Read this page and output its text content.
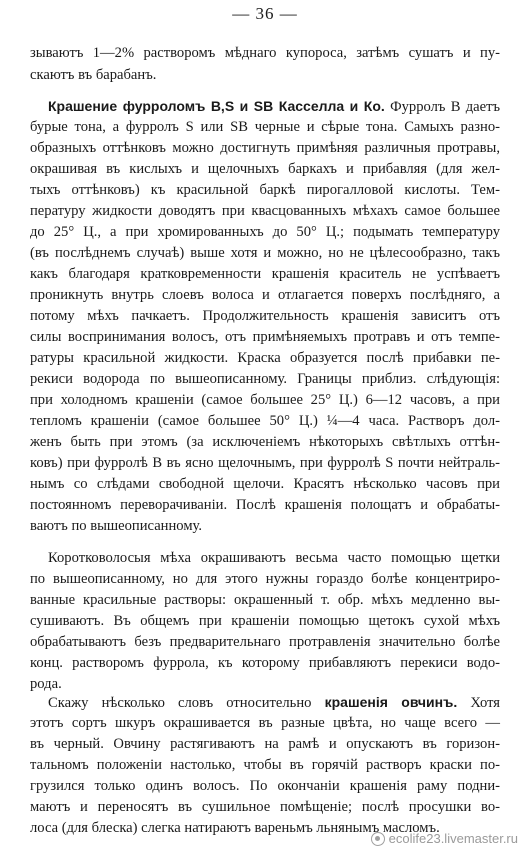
— 36 —
зываютъ 1—2% растворомъ мѣднаго купороса, затѣмъ сушатъ и пу-
скаютъ въ барабанъ.
Крашение фурроломъ B,S и SB Касселла и Ко. Фурролъ B даетъ
бурые тона, а фурролъ S или SB черные и сѣрые тона. Самыхъ разно-
образныхъ оттѣнковъ можно достигнуть примѣняя различныя протравы,
окрашивая въ кислыхъ и щелочныхъ баркахъ и прибавляя (для жел-
тыхъ оттѣнковъ) къ красильной баркѣ пирогалловой кислоты. Тем-
пературу жидкости доводятъ при квасцованныхъ мѣхахъ самое большее
до 25° Ц., а при хромированныхъ до 50° Ц.; подымать температуру
(въ послѣднемъ случаѣ) выше хотя и можно, но не цѣлесообразно, такъ
какъ благодаря кратковременности крашенія краситель не успѣваетъ
проникнуть внутрь слоевъ волоса и отлагается поверхъ послѣдняго, а
потому мѣхъ пачкаетъ. Продолжительность крашенія зависитъ отъ
силы воспринимания волосъ, отъ примѣняемыхъ протравъ и отъ темпе-
ратуры красильной жидкости. Краска образуется послѣ прибавки пе-
рекиси водорода по вышеописанному. Границы приблиз. слѣдующія:
при холодномъ крашеніи (самое большее 25° Ц.) 6—12 часовъ, а при
тепломъ крашеніи (самое большее 50° Ц.) ¼—4 часа. Растворъ дол-
женъ быть при этомъ (за исключеніемъ нѣкоторыхъ свѣтлыхъ оттѣн-
ковъ) при фурролѣ B въ ясно щелочнымъ, при фурролѣ S почти нейтраль-
нымъ со слѣдами свободной щелочи. Красятъ нѣсколько часовъ при
постоянномъ переворачиваніи. Послѣ крашенія полощатъ и обрабаты-
ваютъ по вышеописанному.
Коротковолосыя мѣха окрашиваютъ весьма часто помощью щетки
по вышеописанному, но для этого нужны гораздо болѣе концентриро-
ванные красильные растворы: окрашенный т. обр. мѣхъ медленно вы-
сушиваютъ. Въ общемъ при крашеніи помощью щетокъ сухой мѣхъ
обрабатываютъ безъ предварительнаго протравленія значительно болѣе
конц. растворомъ фуррола, къ которому прибавляютъ перекиси водо-
рода.
Скажу нѣсколько словъ относительно крашенія овчинъ. Хотя
этотъ сортъ шкуръ окрашивается въ разные цвѣта, но чаще всего —
въ черный. Овчину растягиваютъ на рамѣ и опускаютъ въ горизон-
тальномъ положеніи настолько, чтобы въ горячій растворъ краски по-
грузился только одинъ волосъ. По окончаніи крашенія раму подни-
маютъ и переносятъ въ сушильное помѣщеніе; послѣ просушки во-
лоса (для блеска) слегка натираютъ вареньмъ льнянымъ масломъ.
ecolife23.livemaster.ru
